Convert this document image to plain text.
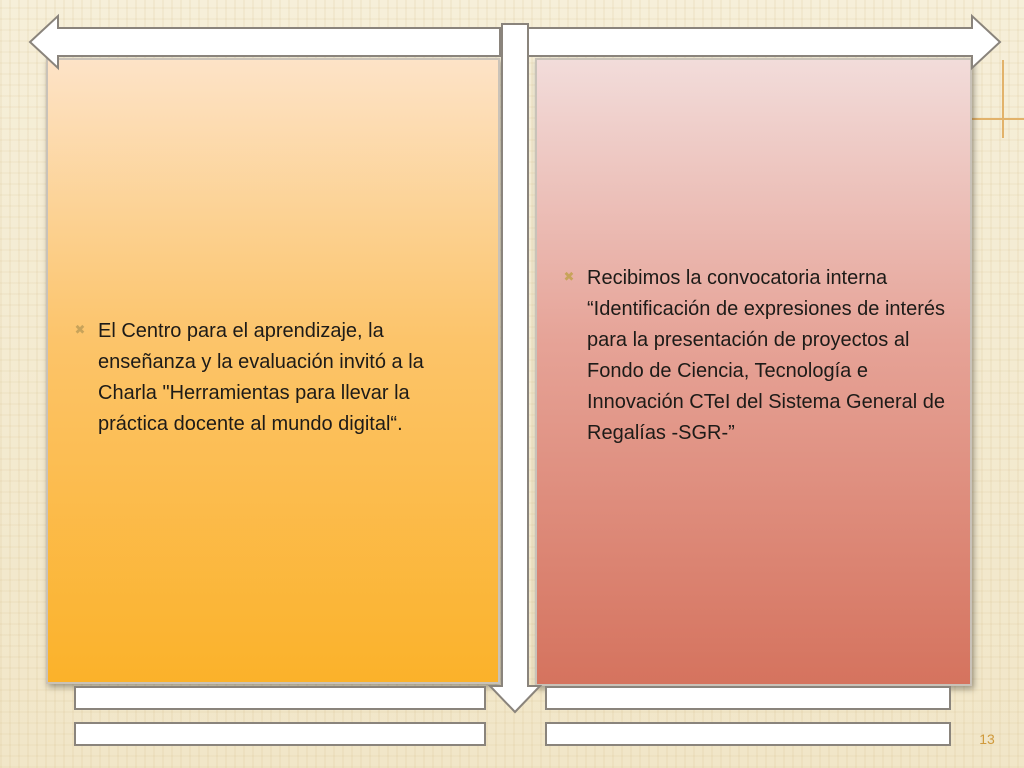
✖ El Centro para el aprendizaje, la enseñanza y la evaluación invitó a la Charla "Herramientas para llevar la práctica docente al mundo digital“.
✖ Recibimos la convocatoria interna “Identificación de expresiones de interés para la presentación de proyectos al Fondo de Ciencia, Tecnología e Innovación CTeI del Sistema General de Regalías -SGR-”
13
